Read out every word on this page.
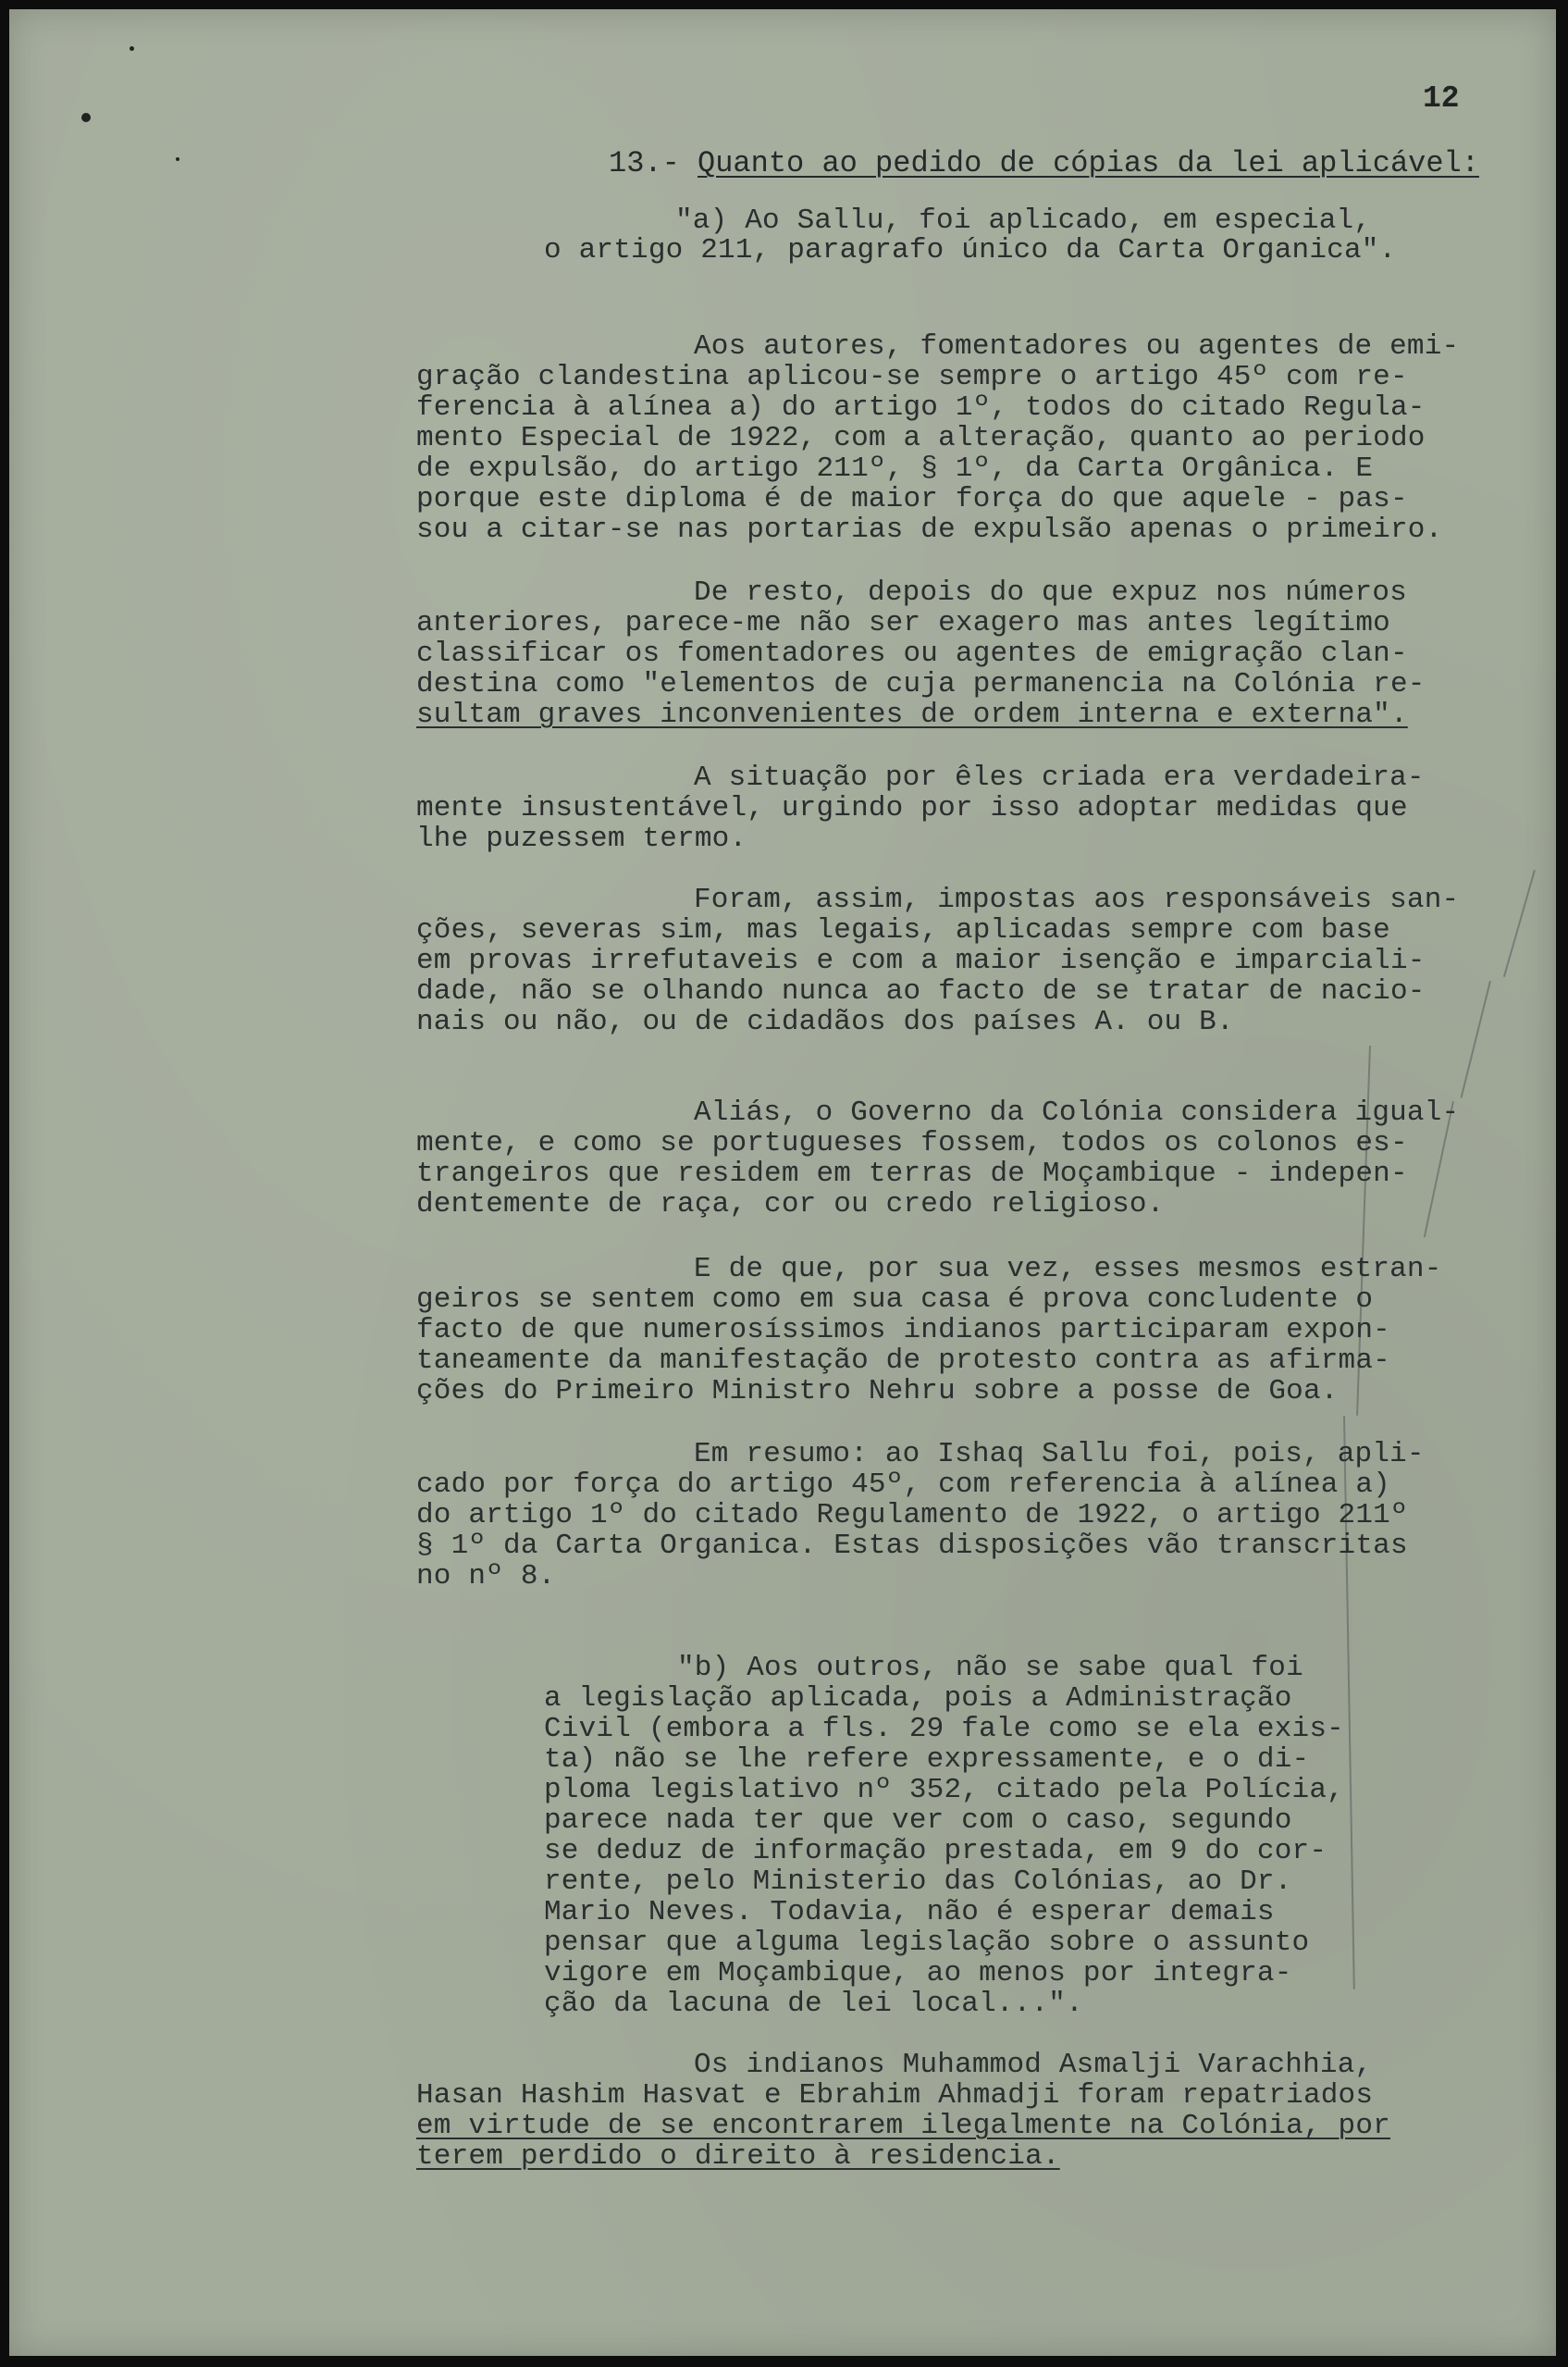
12
13.- Quanto ao pedido de cópias da lei aplicável:
"a) Ao Sallu, foi aplicado, em especial,
o artigo 211, paragrafo único da Carta Organica".
Aos autores, fomentadores ou agentes de emi-
gração clandestina aplicou-se sempre o artigo 45º com re-
ferencia à alínea a) do artigo 1º, todos do citado Regula-
mento Especial de 1922, com a alteração, quanto ao periodo
de expulsão, do artigo 211º, § 1º, da Carta Orgânica. E
porque este diploma é de maior força do que aquele - pas-
sou a citar-se nas portarias de expulsão apenas o primeiro.
De resto, depois do que expuz nos números
anteriores, parece-me não ser exagero mas antes legítimo
classificar os fomentadores ou agentes de emigração clan-
destina como "elementos de cuja permanencia na Colónia re-
sultam graves inconvenientes de ordem interna e externa".
A situação por êles criada era verdadeira-
mente insustentável, urgindo por isso adoptar medidas que
lhe puzessem termo.
Foram, assim, impostas aos responsáveis san-
ções, severas sim, mas legais, aplicadas sempre com base
em provas irrefutaveis e com a maior isenção e imparciali-
dade, não se olhando nunca ao facto de se tratar de nacio-
nais ou não, ou de cidadãos dos países A. ou B.
Aliás, o Governo da Colónia considera igual-
mente, e como se portugueses fossem, todos os colonos es-
trangeiros que residem em terras de Moçambique - indepen-
dentemente de raça, cor ou credo religioso.
E de que, por sua vez, esses mesmos estran-
geiros se sentem como em sua casa é prova concludente o
facto de que numerosíssimos indianos participaram expon-
taneamente da manifestação de protesto contra as afirma-
ções do Primeiro Ministro Nehru sobre a posse de Goa.
Em resumo: ao Ishaq Sallu foi, pois, apli-
cado por força do artigo 45º, com referencia à alínea a)
do artigo 1º do citado Regulamento de 1922, o artigo 211º
§ 1º da Carta Organica. Estas disposições vão transcritas
no nº 8.
"b) Aos outros, não se sabe qual foi
a legislação aplicada, pois a Administração
Civil (embora a fls. 29 fale como se ela exis-
ta) não se lhe refere expressamente, e o di-
ploma legislativo nº 352, citado pela Polícia,
parece nada ter que ver com o caso, segundo
se deduz de informação prestada, em 9 do cor-
rente, pelo Ministerio das Colónias, ao Dr.
Mario Neves. Todavia, não é esperar demais
pensar que alguma legislação sobre o assunto
vigore em Moçambique, ao menos por integra-
ção da lacuna de lei local...".
Os indianos Muhammod Asmalji Varachhia,
Hasan Hashim Hasvat e Ebrahim Ahmadji foram repatriados
em virtude de se encontrarem ilegalmente na Colónia, por
terem perdido o direito à residencia.
